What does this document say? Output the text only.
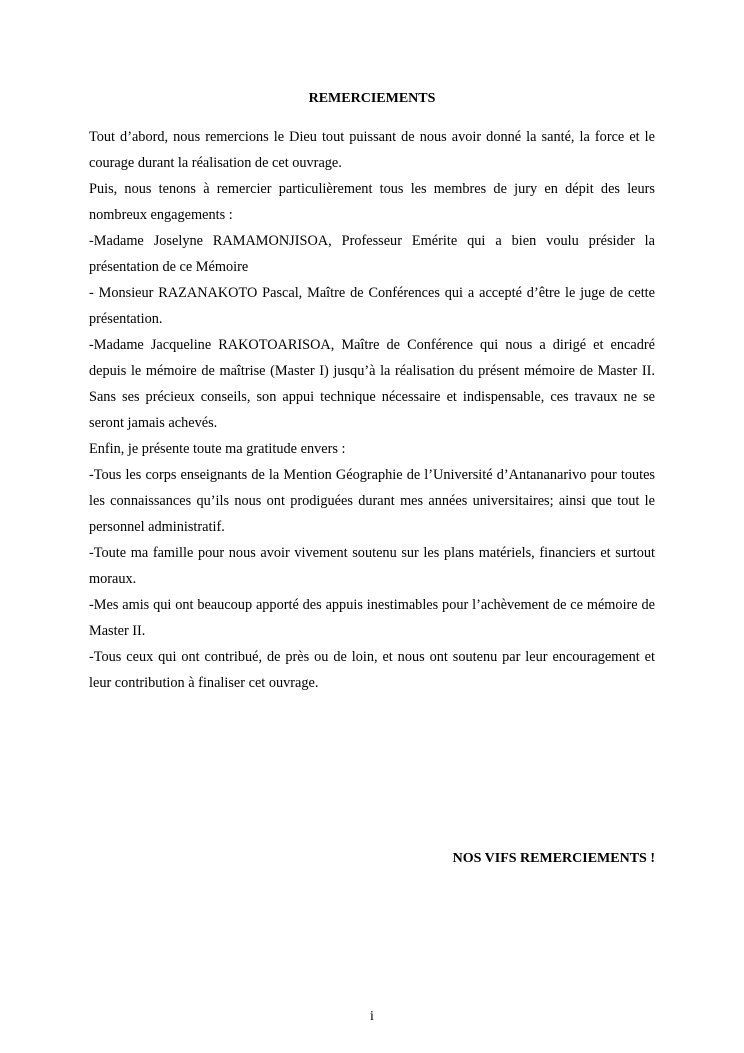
REMERCIEMENTS

Tout d’abord, nous remercions le Dieu tout puissant de nous avoir donné la santé, la force et le courage durant la réalisation de cet ouvrage.

Puis, nous tenons à remercier particulièrement tous les membres de jury en dépit des leurs nombreux engagements :

-Madame Joselyne RAMAMONJISOA, Professeur Emérite qui a bien voulu présider la présentation de ce Mémoire

- Monsieur RAZANAKOTO Pascal, Maître de Conférences qui a accepté d’être le juge de cette présentation.

-Madame Jacqueline RAKOTOARISOA, Maître de Conférence qui nous a dirigé et encadré depuis le mémoire de maîtrise (Master I) jusqu’à la réalisation du présent mémoire de Master II. Sans ses précieux conseils, son appui technique nécessaire et indispensable, ces travaux ne se seront jamais achevés.

Enfin, je présente toute ma gratitude envers :

-Tous les corps enseignants de la Mention Géographie de l’Université d’Antananarivo pour toutes les connaissances qu’ils nous ont prodiguées durant mes années universitaires; ainsi que tout le personnel administratif.

-Toute ma famille pour nous avoir vivement soutenu sur les plans matériels, financiers et surtout moraux.

-Mes amis qui ont beaucoup apporté des appuis inestimables pour l’achèvement de ce mémoire de Master II.

-Tous ceux qui ont contribué, de près ou de loin, et nous ont soutenu par leur encouragement et leur contribution à finaliser cet ouvrage.

NOS VIFS REMERCIEMENTS !
i
